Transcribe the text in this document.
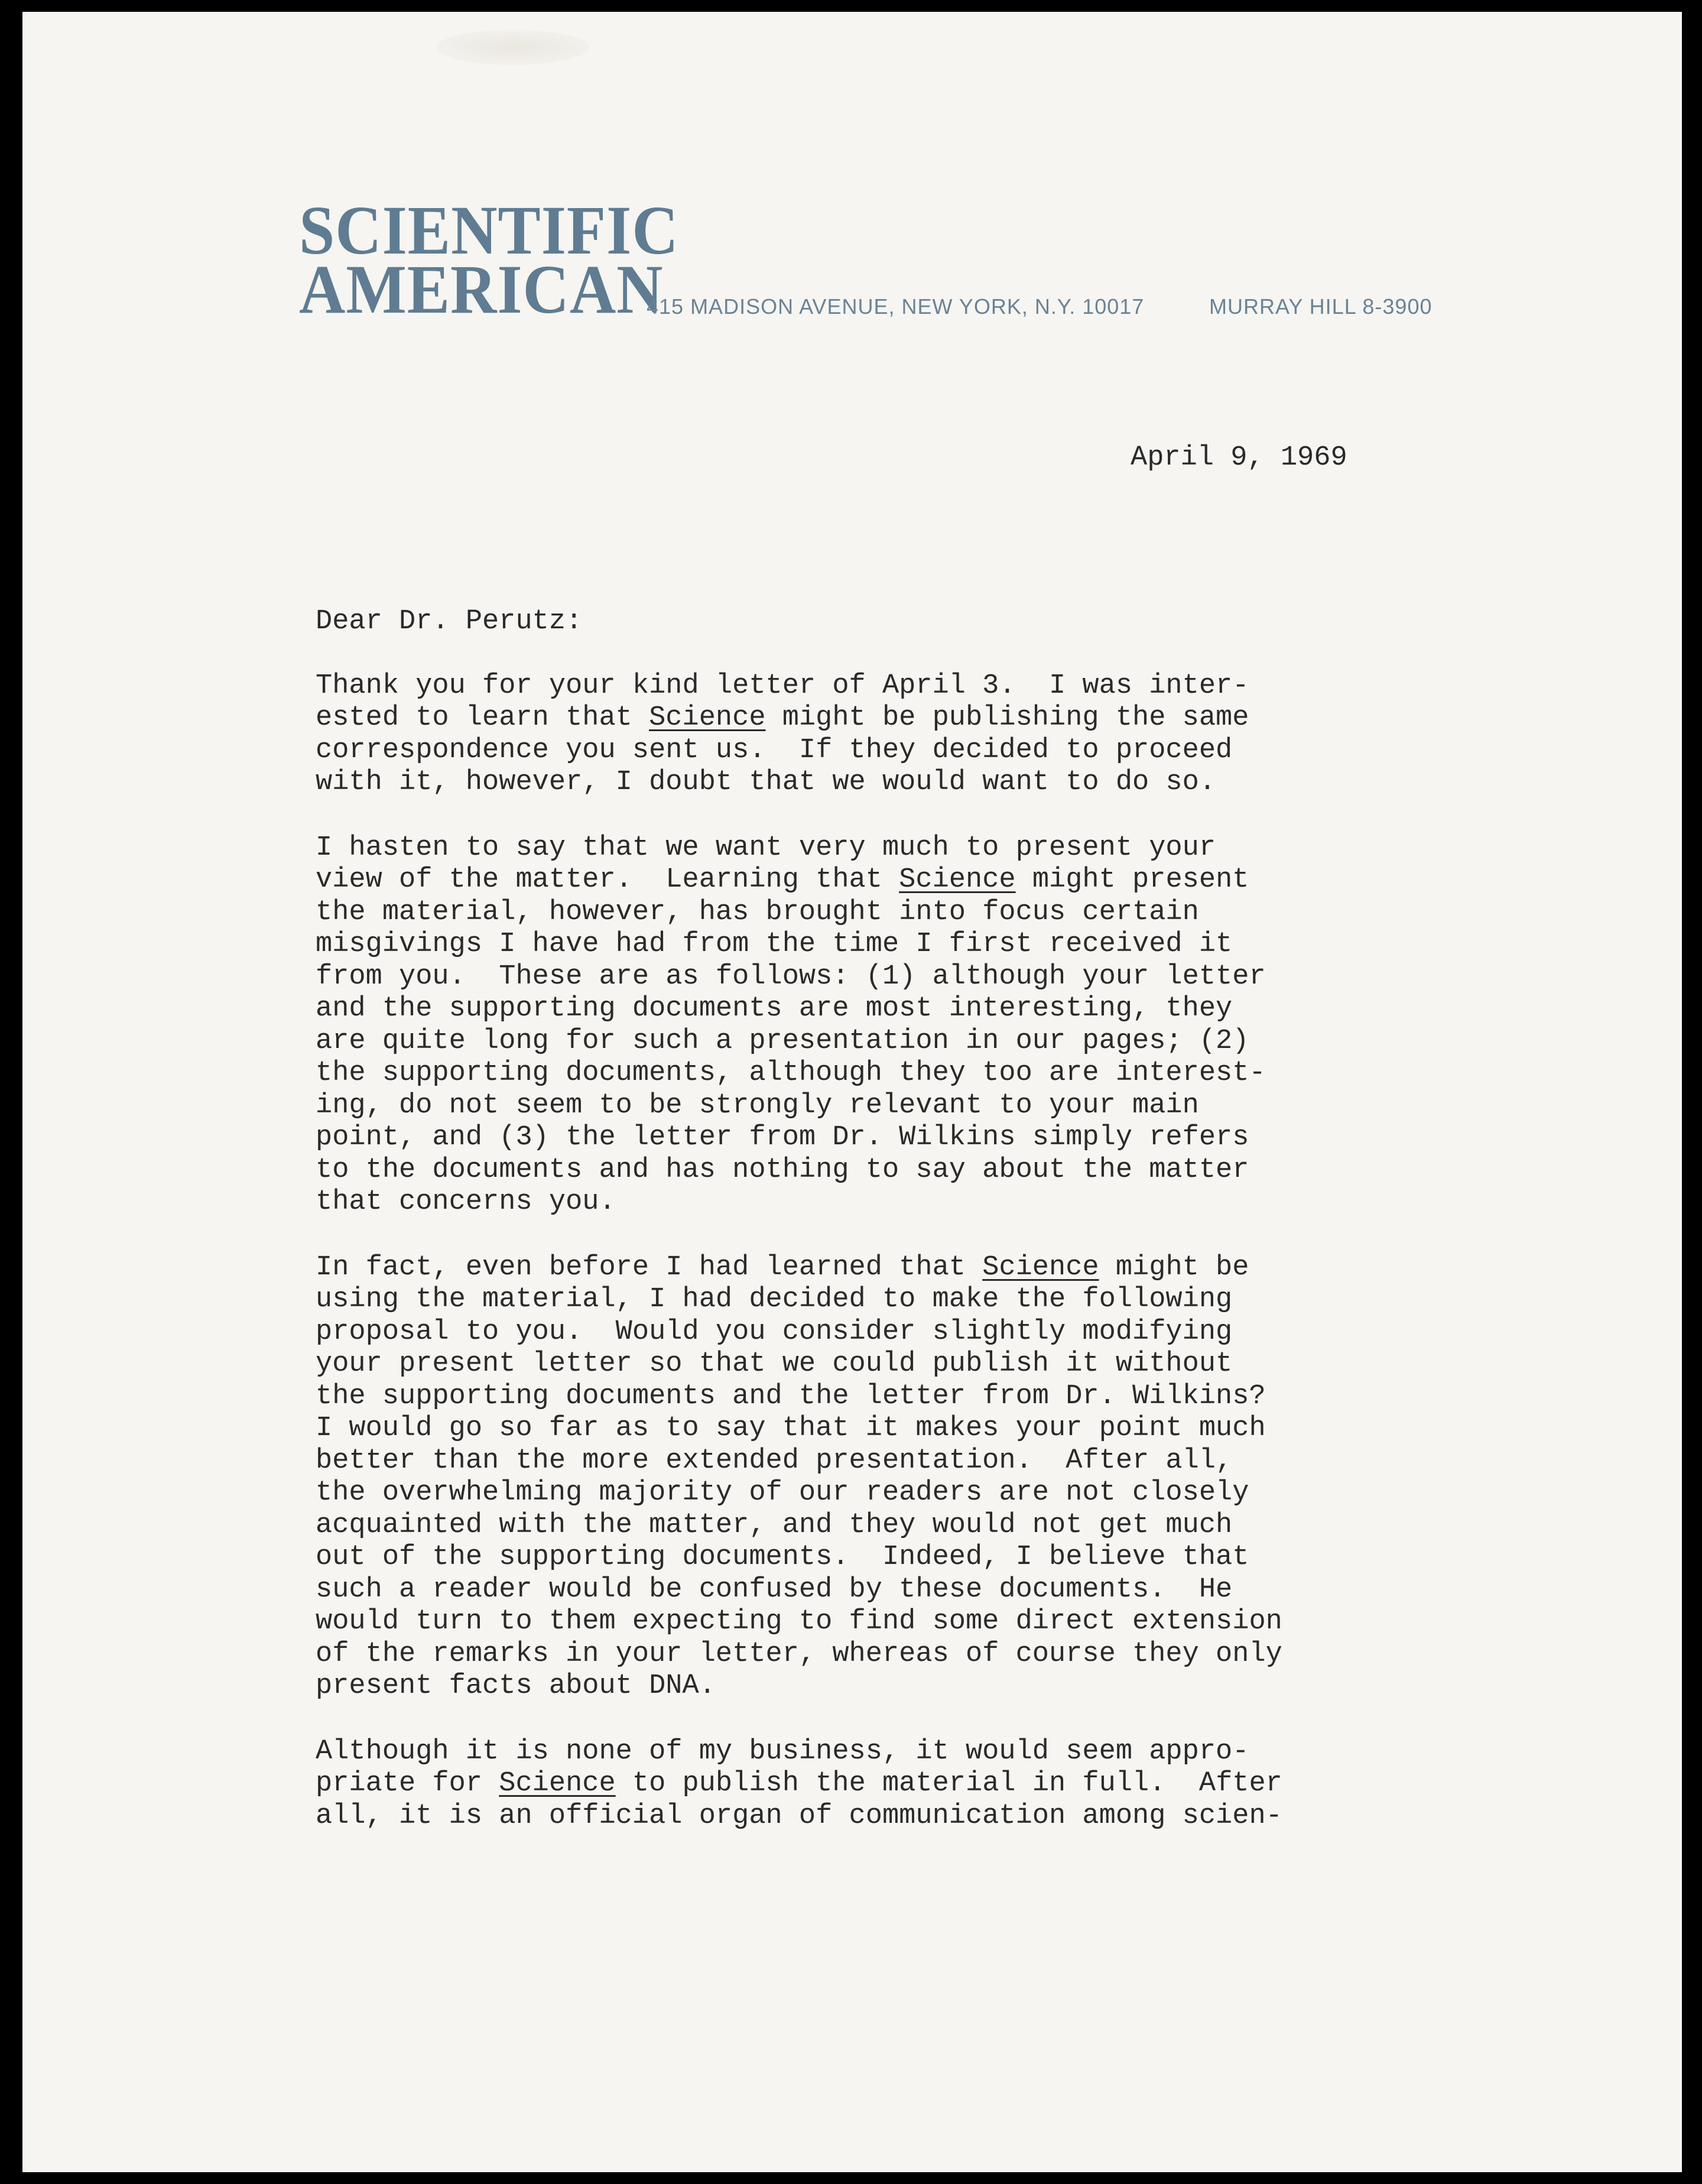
SCIENTIFIC
AMERICAN
415 MADISON AVENUE, NEW YORK, N.Y. 10017	MURRAY HILL 8-3900
April 9, 1969
Dear Dr. Perutz:
Thank you for your kind letter of April 3.  I was inter-
ested to learn that Science might be publishing the same
correspondence you sent us.  If they decided to proceed
with it, however, I doubt that we would want to do so.
I hasten to say that we want very much to present your
view of the matter.  Learning that Science might present
the material, however, has brought into focus certain
misgivings I have had from the time I first received it
from you.  These are as follows: (1) although your letter
and the supporting documents are most interesting, they
are quite long for such a presentation in our pages; (2)
the supporting documents, although they too are interest-
ing, do not seem to be strongly relevant to your main
point, and (3) the letter from Dr. Wilkins simply refers
to the documents and has nothing to say about the matter
that concerns you.
In fact, even before I had learned that Science might be
using the material, I had decided to make the following
proposal to you.  Would you consider slightly modifying
your present letter so that we could publish it without
the supporting documents and the letter from Dr. Wilkins?
I would go so far as to say that it makes your point much
better than the more extended presentation.  After all,
the overwhelming majority of our readers are not closely
acquainted with the matter, and they would not get much
out of the supporting documents.  Indeed, I believe that
such a reader would be confused by these documents.  He
would turn to them expecting to find some direct extension
of the remarks in your letter, whereas of course they only
present facts about DNA.
Although it is none of my business, it would seem appro-
priate for Science to publish the material in full.  After
all, it is an official organ of communication among scien-
